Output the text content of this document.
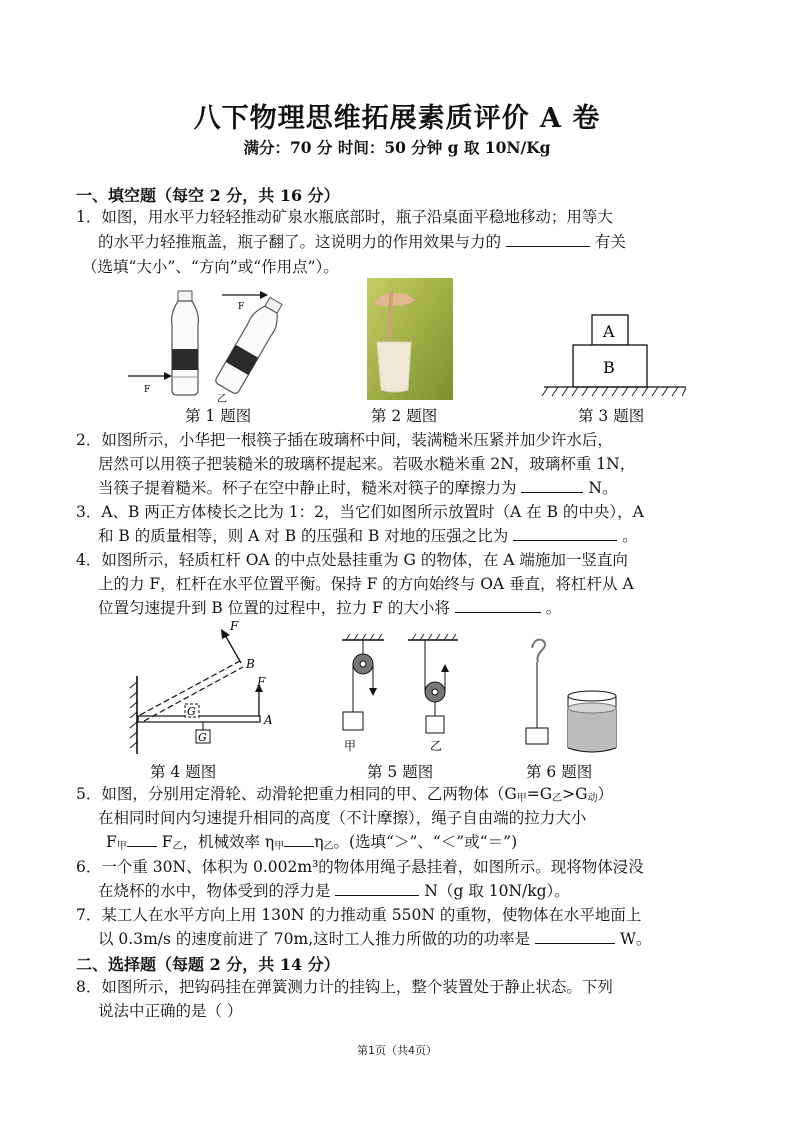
八下物理思维拓展素质评价 A 卷
满分：70 分 时间：50 分钟 g 取 10N/Kg
一、填空题（每空 2 分，共 16 分）
1．如图，用水平力轻轻推动矿泉水瓶底部时，瓶子沿桌面平稳地移动；用等大
的水平力轻推瓶盖，瓶子翻了。这说明力的作用效果与力的	有关
（选填“大小”、“方向”或“作用点”）。
F
F
乙
第 1 题图	第 2 题图
A
B
第 3 题图
2．如图所示，小华把一根筷子插在玻璃杯中间，装满糙米压紧并加少许水后，
居然可以用筷子把装糙米的玻璃杯提起来。若吸水糙米重 2N，玻璃杯重 1N，
当筷子提着糙米。杯子在空中静止时，糙米对筷子的摩擦力为	N。
3．A、B 两正方体棱长之比为 1：2，当它们如图所示放置时（A 在 B 的中央），A
和 B 的质量相等，则 A 对 B 的压强和 B 对地的压强之比为	。
4．如图所示，轻质杠杆 OA 的中点处悬挂重为 G 的物体，在 A 端施加一竖直向
上的力 F，杠杆在水平位置平衡。保持 F 的方向始终与 OA 垂直，将杠杆从 A
位置匀速提升到 B 位置的过程中，拉力 F 的大小将	。
F
B
F
A
G
G
第 4 题图
甲	乙
第 5 题图	第 6 题图
5．如图，分别用定滑轮、动滑轮把重力相同的甲、乙两物体$(G_甲=G_乙>G_动)$
在相同时间内匀速提升相同的高度（不计摩擦），绳子自由端的拉力大小
$F_甲$ $F_乙$，机械效率 $\eta_甲$ $\eta_乙$。(选填“＞”、“＜”或“＝”)
6．一个重 30N、体积为 0.002m³的物体用绳子悬挂着，如图所示。现将物体浸没
在烧杯的水中，物体受到的浮力是	N（g 取 10N/kg）。
7．某工人在水平方向上用 130N 的力推动重 550N 的重物，使物体在水平地面上
以 0.3m/s 的速度前进了 70m,这时工人推力所做的功的功率是	W。
二、选择题（每题 2 分，共 14 分）
8．如图所示，把钩码挂在弹簧测力计的挂钩上，整个装置处于静止状态。下列
说法中正确的是（ ）
第1页（共4页）
